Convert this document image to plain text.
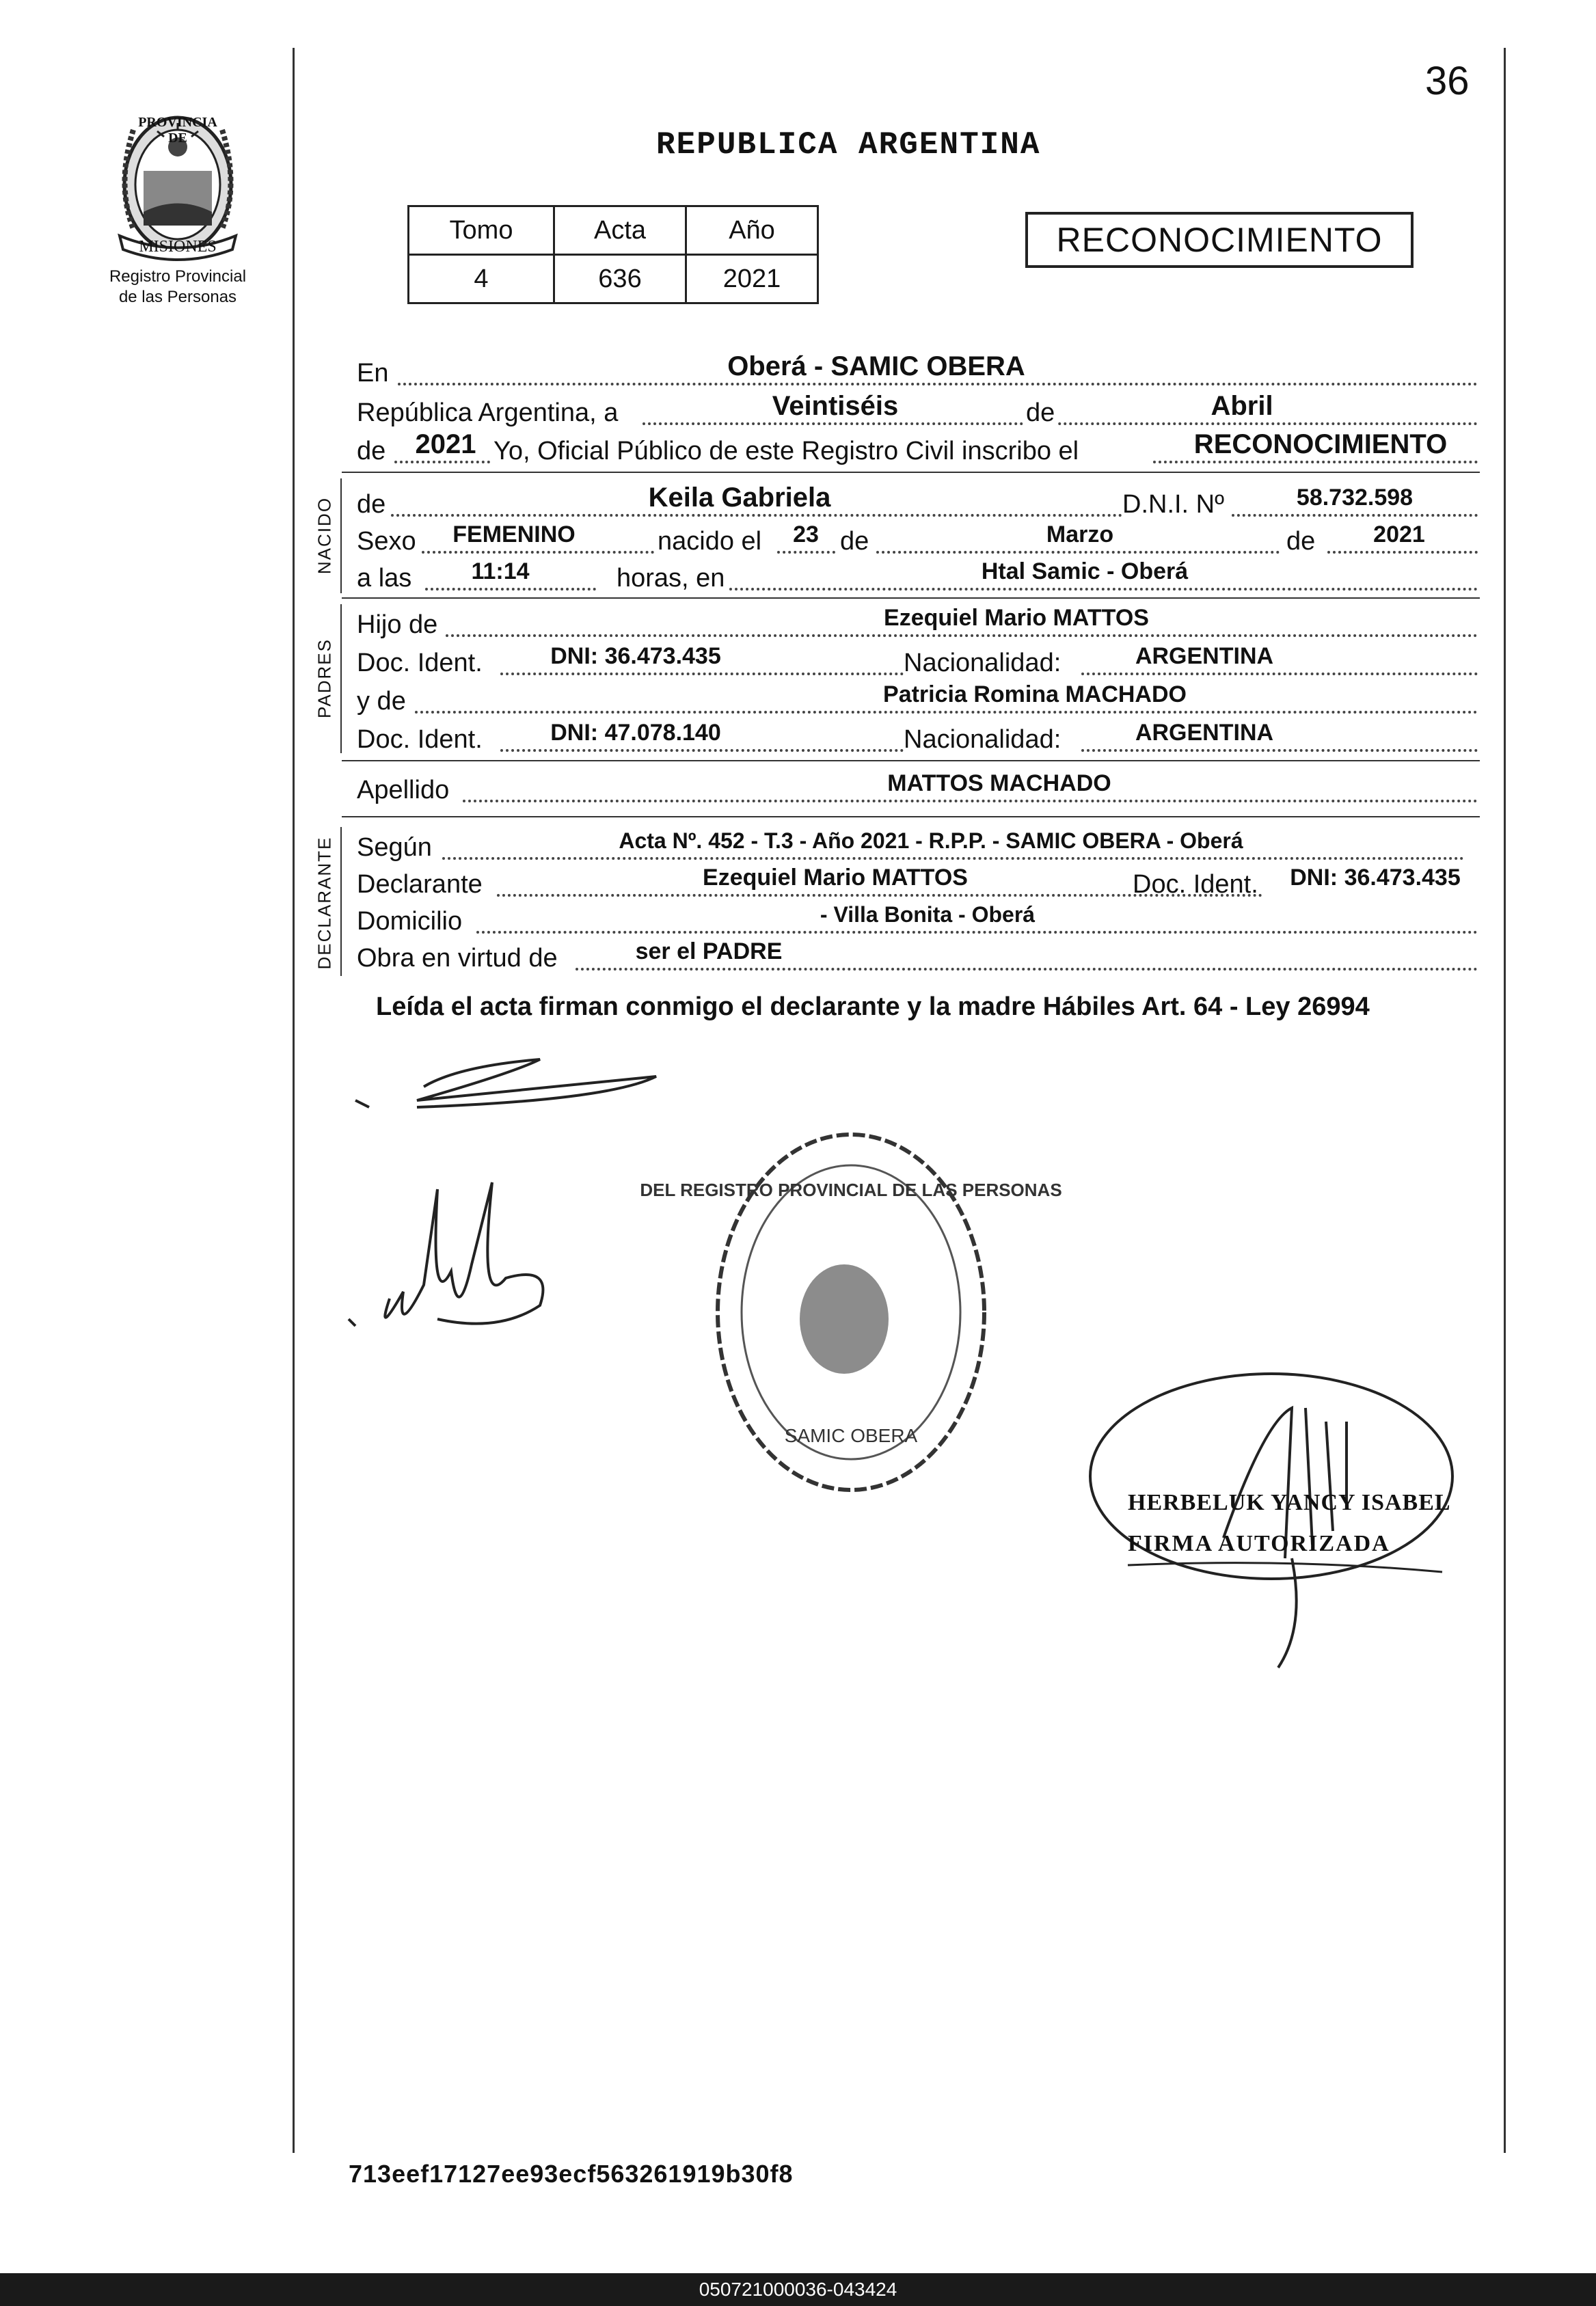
36
PROVINCIA DE
MISIONES
Registro Provincial
de las Personas
REPUBLICA ARGENTINA
Tomo	Acta	Año
4	636	2021
RECONOCIMIENTO
En	Oberá - SAMIC OBERA
República Argentina, a	Veintiséis	de	Abril
de 2021 Yo, Oficial Público de este Registro Civil inscribo el	RECONOCIMIENTO
NACIDO de	Keila Gabriela	D.N.I. Nº	58.732.598
Sexo FEMENINO	nacido el 23 de	Marzo	de 2021
a las	11:14	horas, en	Htal Samic - Oberá
PADRES
Hijo de	Ezequiel Mario MATTOS
Doc. Ident.	DNI: 36.473.435	Nacionalidad:	ARGENTINA
y de	Patricia Romina MACHADO
Doc. Ident.	DNI: 47.078.140	Nacionalidad:	ARGENTINA
Apellido	MATTOS MACHADO
DECLARANTE Según	Acta Nº. 452 - T.3 - Año 2021 - R.P.P. - SAMIC OBERA - Oberá
Declarante	Ezequiel Mario MATTOS	Doc. Ident. DNI: 36.473.435
Domicilio	- Villa Bonita - Oberá
Obra en virtud de	ser el PADRE
Leída el acta firman conmigo el declarante y la madre Hábiles Art. 64 - Ley 26994
DEL REGISTRO PROVINCIAL DE LAS PERSONAS
SAMIC OBERA
HERBELUK YANCY ISABEL
FIRMA AUTORIZADA
713eef17127ee93ecf563261919b30f8
050721000036-043424
